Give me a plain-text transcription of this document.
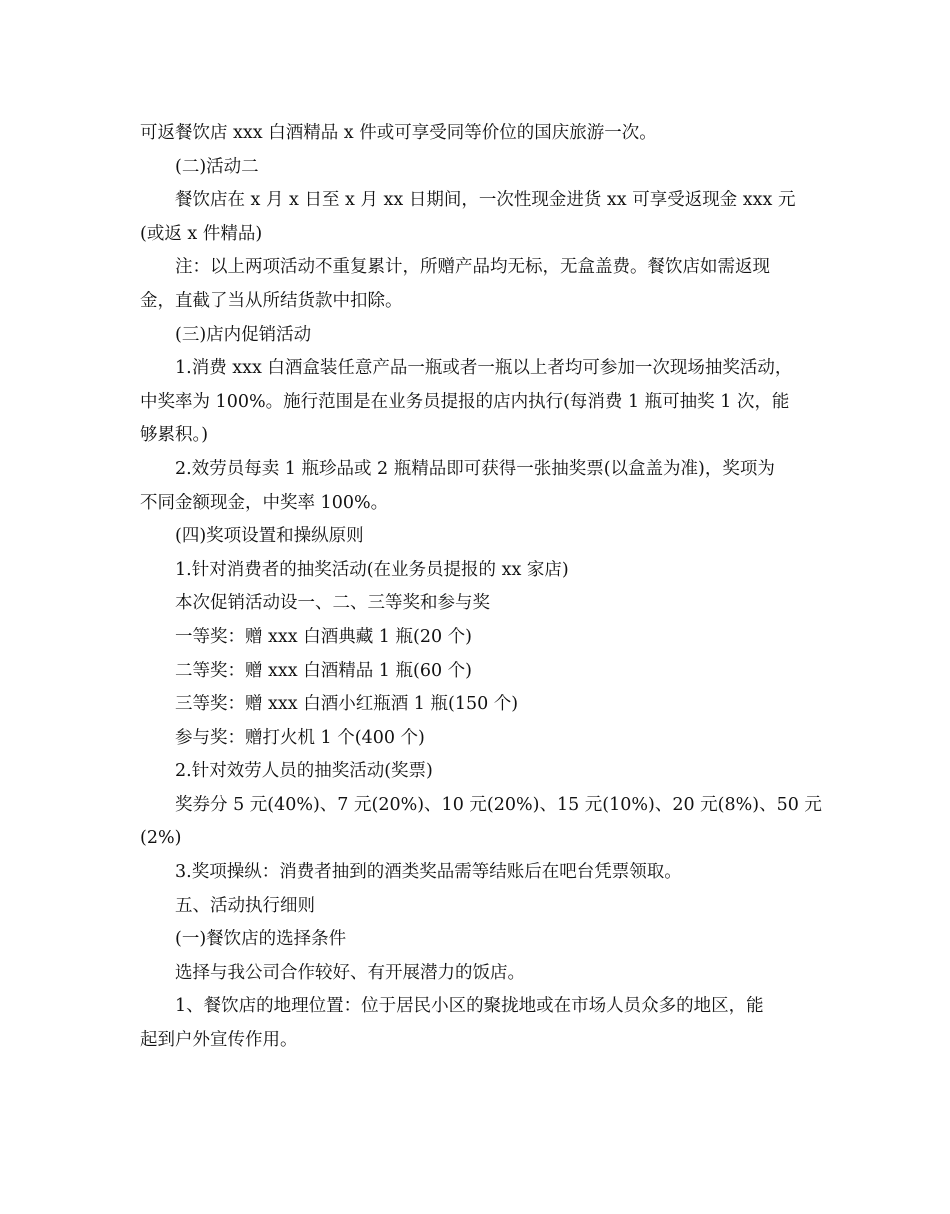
可返餐饮店 xxx 白酒精品 x 件或可享受同等价位的国庆旅游一次。
(二)活动二
餐饮店在 x 月 x 日至 x 月 xx 日期间，一次性现金进货 xx 可享受返现金 xxx 元
(或返 x 件精品)
注：以上两项活动不重复累计，所赠产品均无标，无盒盖费。餐饮店如需返现
金，直截了当从所结货款中扣除。
(三)店内促销活动
1.消费 xxx 白酒盒装任意产品一瓶或者一瓶以上者均可参加一次现场抽奖活动，
中奖率为 100%。施行范围是在业务员提报的店内执行(每消费 1 瓶可抽奖 1 次，能
够累积。)
2.效劳员每卖 1 瓶珍品或 2 瓶精品即可获得一张抽奖票(以盒盖为准)，奖项为
不同金额现金，中奖率 100%。
(四)奖项设置和操纵原则
1.针对消费者的抽奖活动(在业务员提报的 xx 家店)
本次促销活动设一、二、三等奖和参与奖
一等奖：赠 xxx 白酒典藏 1 瓶(20 个)
二等奖：赠 xxx 白酒精品 1 瓶(60 个)
三等奖：赠 xxx 白酒小红瓶酒 1 瓶(150 个)
参与奖：赠打火机 1 个(400 个)
2.针对效劳人员的抽奖活动(奖票)
奖券分 5 元(40%)、7 元(20%)、10 元(20%)、15 元(10%)、20 元(8%)、50 元
(2%)
3.奖项操纵：消费者抽到的酒类奖品需等结账后在吧台凭票领取。
五、活动执行细则
(一)餐饮店的选择条件
选择与我公司合作较好、有开展潜力的饭店。
1、餐饮店的地理位置：位于居民小区的聚拢地或在市场人员众多的地区，能
起到户外宣传作用。
